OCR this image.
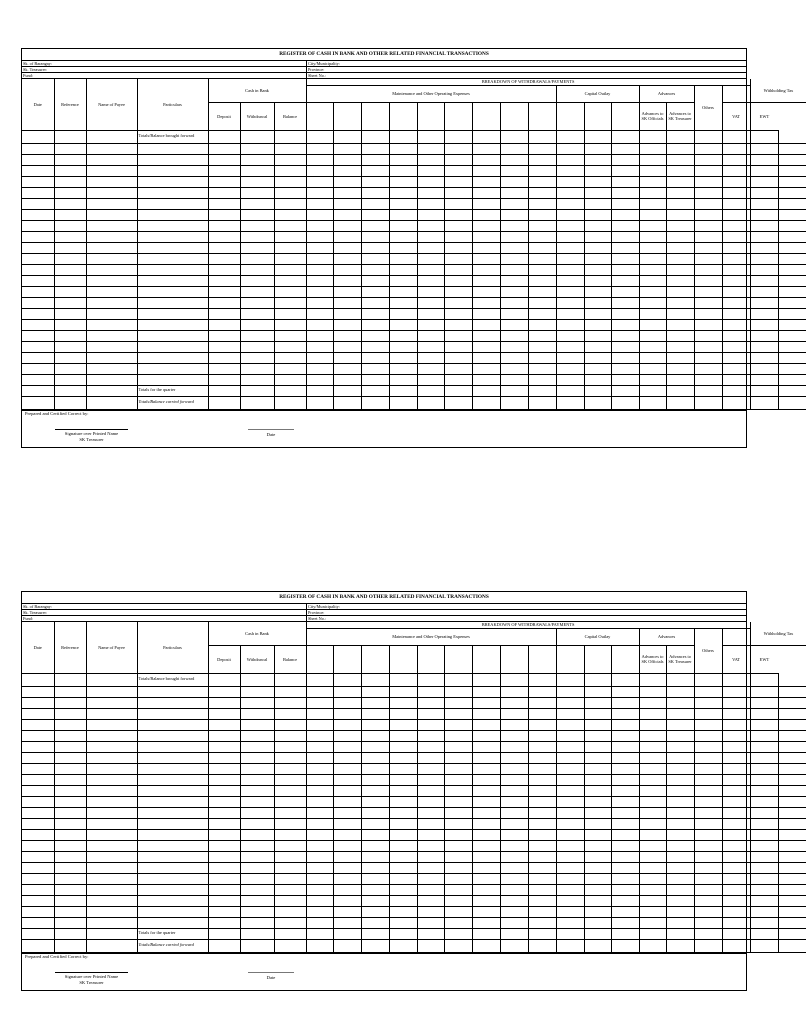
REGISTER OF CASH IN BANK AND OTHER RELATED FINANCIAL TRANSACTIONS
Sk. of Barangay:	City/Municipality:
Sk. Treasurer:	Province:
Fund:	Sheet No.:
Date	Reference	Name of Payee	Particulars	Cash in Bank			BREAKDOWN OF WITHDRAWALS/PAYMENTS																Withholding Tax	
							Maintenance and Other Operating Expenses									Capital Outlay			Advances		Others		
				Deposit	Withdrawal	Balance													Advances to SK Officials	Advances to SK Treasurer		VAT	EWT	
			Totals/Balance brought forward																					

			Totals for the quarter																					
			Totals/Balance carried forward																					
Prepared and Certified Correct by:
Signature over Printed Name
SK Treasurer
Date
REGISTER OF CASH IN BANK AND OTHER RELATED FINANCIAL TRANSACTIONS
Sk. of Barangay:	City/Municipality:
Sk. Treasurer:	Province:
Fund:	Sheet No.:
Date	Reference	Name of Payee	Particulars	Cash in Bank			BREAKDOWN OF WITHDRAWALS/PAYMENTS																Withholding Tax	
							Maintenance and Other Operating Expenses									Capital Outlay			Advances		Others		
				Deposit	Withdrawal	Balance													Advances to SK Officials	Advances to SK Treasurer		VAT	EWT	
			Totals/Balance brought forward																					

			Totals for the quarter																					
			Totals/Balance carried forward																					
Prepared and Certified Correct by:
Signature over Printed Name
SK Treasurer
Date
